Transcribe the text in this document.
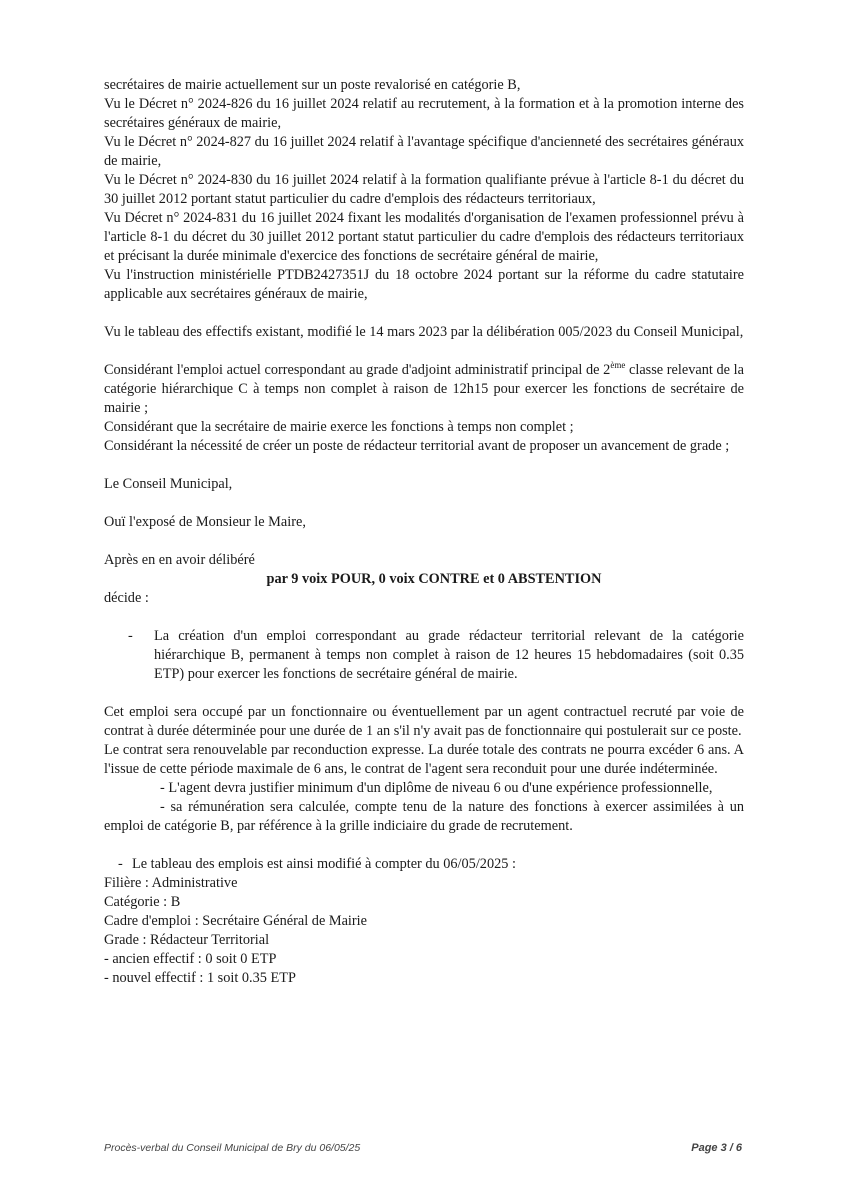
secrétaires de mairie actuellement sur un poste revalorisé en catégorie B,

Vu le Décret n° 2024-826 du 16 juillet 2024 relatif au recrutement, à la formation et à la promotion interne des secrétaires généraux de mairie,

Vu le Décret n° 2024-827 du 16 juillet 2024 relatif à l'avantage spécifique d'ancienneté des secrétaires généraux de mairie,

Vu le Décret n° 2024-830 du 16 juillet 2024 relatif à la formation qualifiante prévue à l'article 8-1 du décret du 30 juillet 2012 portant statut particulier du cadre d'emplois des rédacteurs territoriaux,

Vu Décret n° 2024-831 du 16 juillet 2024 fixant les modalités d'organisation de l'examen professionnel prévu à l'article 8-1 du décret du 30 juillet 2012 portant statut particulier du cadre d'emplois des rédacteurs territoriaux et précisant la durée minimale d'exercice des fonctions de secrétaire général de mairie,

Vu l'instruction ministérielle PTDB2427351J du 18 octobre 2024 portant sur la réforme du cadre statutaire applicable aux secrétaires généraux de mairie,

Vu le tableau des effectifs existant, modifié le 14 mars 2023 par la délibération 005/2023 du Conseil Municipal,

Considérant l'emploi actuel correspondant au grade d'adjoint administratif principal de 2ème classe relevant de la catégorie hiérarchique C à temps non complet à raison de 12h15 pour exercer les fonctions de secrétaire de mairie ;

Considérant que la secrétaire de mairie exerce les fonctions à temps non complet ;

Considérant la nécessité de créer un poste de rédacteur territorial avant de proposer un avancement de grade ;

Le Conseil Municipal,

Ouï l'exposé de Monsieur le Maire,

Après en en avoir délibéré

par 9 voix POUR, 0 voix CONTRE et 0 ABSTENTION

décide :

- La création d'un emploi correspondant au grade rédacteur territorial relevant de la catégorie hiérarchique B, permanent à temps non complet à raison de 12 heures 15 hebdomadaires (soit 0.35 ETP) pour exercer les fonctions de secrétaire général de mairie.

Cet emploi sera occupé par un fonctionnaire ou éventuellement par un agent contractuel recruté par voie de contrat à durée déterminée pour une durée de 1 an s'il n'y avait pas de fonctionnaire qui postulerait sur ce poste.

Le contrat sera renouvelable par reconduction expresse. La durée totale des contrats ne pourra excéder 6 ans. A l'issue de cette période maximale de 6 ans, le contrat de l'agent sera reconduit pour une durée indéterminée.

- L'agent devra justifier minimum d'un diplôme de niveau 6 ou d'une expérience professionnelle,

- sa rémunération sera calculée, compte tenu de la nature des fonctions à exercer assimilées à un emploi de catégorie B, par référence à la grille indiciaire du grade de recrutement.

- Le tableau des emplois est ainsi modifié à compter du 06/05/2025 :

Filière : Administrative

Catégorie : B

Cadre d'emploi : Secrétaire Général de Mairie

Grade : Rédacteur Territorial

- ancien effectif : 0 soit 0 ETP

- nouvel effectif : 1 soit 0.35 ETP

Procès-verbal du Conseil Municipal de Bry du 06/05/25	Page 3 / 6
